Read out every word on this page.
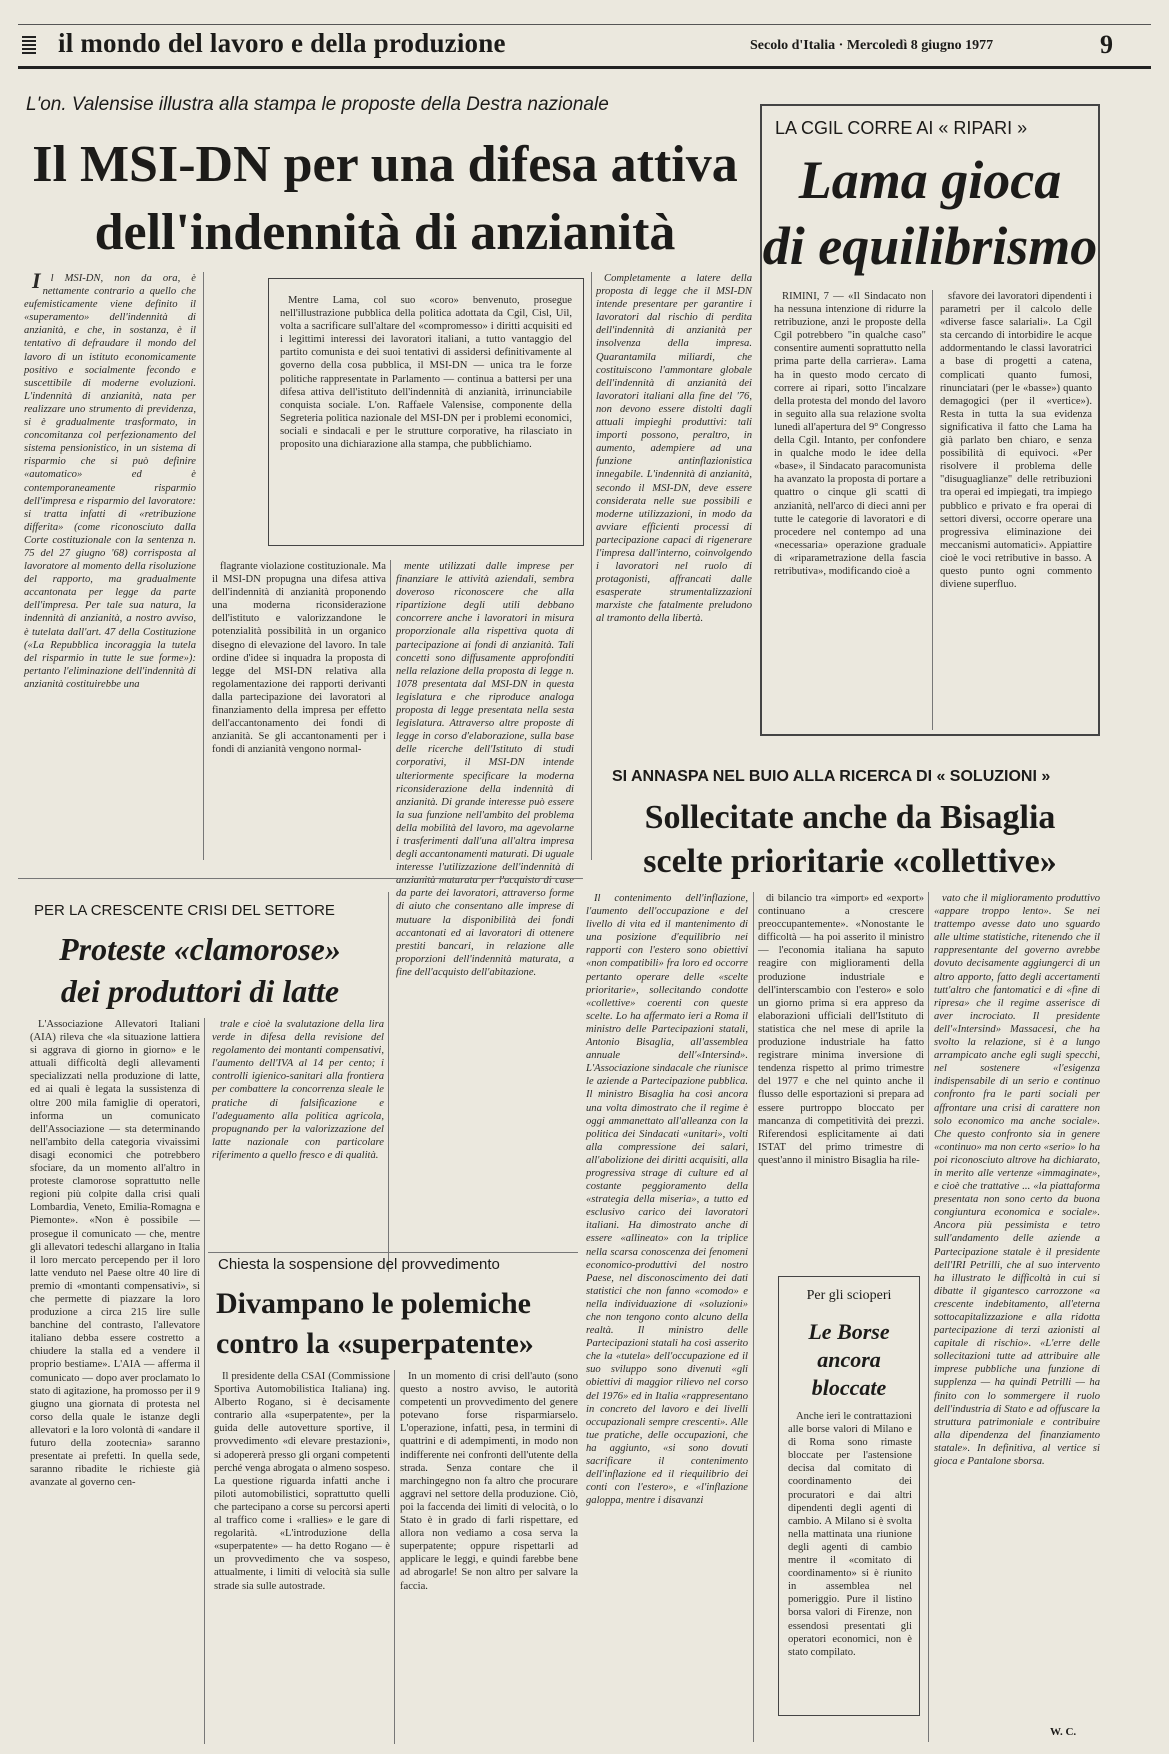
il mondo del lavoro e della produzione	Secolo d'Italia · Mercoledì 8 giugno 1977	9
L'on. Valensise illustra alla stampa le proposte della Destra nazionale
Il MSI-DN per una difesa attiva
dell'indennità di anzianità

Il MSI-DN, non da ora, è nettamente contrario a quello che eufemisticamente viene definito il «superamento» dell'indennità di anzianità, e che, in sostanza, è il tentativo di defraudare il mondo del lavoro di un istituto economicamente positivo e socialmente fecondo e suscettibile di moderne evoluzioni. L'indennità di anzianità, nata per realizzare uno strumento di previdenza, si è gradualmente trasformato, in concomitanza col perfezionamento del sistema pensionistico, in un sistema di risparmio che si può definire «automatico» ed è contemporaneamente risparmio dell'impresa e risparmio del lavoratore: si tratta infatti di «retribuzione differita» (come riconosciuto dalla Corte costituzionale con la sentenza n. 75 del 27 giugno '68) corrisposta al lavoratore al momento della risoluzione del rapporto, ma gradualmente accantonata per legge da parte dell'impresa. Per tale sua natura, la indennità di anzianità, a nostro avviso, è tutelata dall'art. 47 della Costituzione («La Repubblica incoraggia la tutela del risparmio in tutte le sue forme»): pertanto l'eliminazione dell'indennità di anzianità costituirebbe una

Mentre Lama, col suo «coro» benvenuto, prosegue nell'illustrazione pubblica della politica adottata da Cgil, Cisl, Uil, volta a sacrificare sull'altare del «compromesso» i diritti acquisiti ed i legittimi interessi dei lavoratori italiani, a tutto vantaggio del partito comunista e dei suoi tentativi di assidersi definitivamente al governo della cosa pubblica, il MSI-DN — unica tra le forze politiche rappresentate in Parlamento — continua a battersi per una difesa attiva dell'istituto dell'indennità di anzianità, irrinunciabile conquista sociale. L'on. Raffaele Valensise, componente della Segreteria politica nazionale del MSI-DN per i problemi economici, sociali e sindacali e per le strutture corporative, ha rilasciato in proposito una dichiarazione alla stampa, che pubblichiamo.

flagrante violazione costituzionale. Ma il MSI-DN propugna una difesa attiva dell'indennità di anzianità proponendo una moderna riconsiderazione dell'istituto e valorizzandone le potenzialità possibilità in un organico disegno di elevazione del lavoro. In tale ordine d'idee si inquadra la proposta di legge del MSI-DN relativa alla regolamentazione dei rapporti derivanti dalla partecipazione dei lavoratori al finanziamento della impresa per effetto dell'accantonamento dei fondi di anzianità. Se gli accantonamenti per i fondi di anzianità vengono normal-

mente utilizzati dalle imprese per finanziare le attività aziendali, sembra doveroso riconoscere che alla ripartizione degli utili debbano concorrere anche i lavoratori in misura proporzionale alla rispettiva quota di partecipazione ai fondi di anzianità. Tali concetti sono diffusamente approfonditi nella relazione della proposta di legge n. 1078 presentata dal MSI-DN in questa legislatura e che riproduce analoga proposta di legge presentata nella sesta legislatura. Attraverso altre proposte di legge in corso d'elaborazione, sulla base delle ricerche dell'Istituto di studi corporativi, il MSI-DN intende ulteriormente specificare la moderna riconsiderazione della indennità di anzianità. Di grande interesse può essere la sua funzione nell'ambito del problema della mobilità del lavoro, ma agevolarne i trasferimenti dall'una all'altra impresa degli accantonamenti maturati. Di uguale interesse l'utilizzazione dell'indennità di anzianità maturata per l'acquisto di case da parte dei lavoratori, attraverso forme di aiuto che consentano alle imprese di mutuare la disponibilità dei fondi accantonati ed ai lavoratori di ottenere prestiti bancari, in relazione alle proporzioni dell'indennità maturata, a fine dell'acquisto dell'abitazione.

Completamente a latere della proposta di legge che il MSI-DN intende presentare per garantire i lavoratori dal rischio di perdita dell'indennità di anzianità per insolvenza della impresa. Quarantamila miliardi, che costituiscono l'ammontare globale dell'indennità di anzianità dei lavoratori italiani alla fine del '76, non devono essere distolti dagli attuali impieghi produttivi: tali importi possono, peraltro, in aumento, adempiere ad una funzione antinflazionistica innegabile. L'indennità di anzianità, secondo il MSI-DN, deve essere considerata nelle sue possibili e moderne utilizzazioni, in modo da avviare efficienti processi di partecipazione capaci di rigenerare l'impresa dall'interno, coinvolgendo i lavoratori nel ruolo di protagonisti, affrancati dalle esasperate strumentalizzazioni marxiste che fatalmente preludono al tramonto della libertà.

LA CGIL CORRE AI « RIPARI »
Lama gioca
di equilibrismo

RIMINI, 7 — «Il Sindacato non ha nessuna intenzione di ridurre la retribuzione, anzi le proposte della Cgil potrebbero "in qualche caso" consentire aumenti soprattutto nella prima parte della carriera». Lama ha in questo modo cercato di correre ai ripari, sotto l'incalzare della protesta del mondo del lavoro in seguito alla sua relazione svolta lunedì all'apertura del 9° Congresso della Cgil. Intanto, per confondere in qualche modo le idee della «base», il Sindacato paracomunista ha avanzato la proposta di portare a quattro o cinque gli scatti di anzianità, nell'arco di dieci anni per tutte le categorie di lavoratori e di procedere nel contempo ad una «necessaria» operazione graduale di «riparametrazione della fascia retributiva», modificando cioè a

sfavore dei lavoratori dipendenti i parametri per il calcolo delle «diverse fasce salariali». La Cgil sta cercando di intorbidire le acque addormentando le classi lavoratrici a base di progetti a catena, complicati quanto fumosi, rinunciatari (per le «basse») quanto demagogici (per il «vertice»). Resta in tutta la sua evidenza significativa il fatto che Lama ha già parlato ben chiaro, e senza possibilità di equivoci. «Per risolvere il problema delle "disuguaglianze" delle retribuzioni tra operai ed impiegati, tra impiego pubblico e privato e fra operai di settori diversi, occorre operare una progressiva eliminazione dei meccanismi automatici». Appiattire cioè le voci retributive in basso. A questo punto ogni commento diviene superfluo.

SI ANNASPA NEL BUIO ALLA RICERCA DI « SOLUZIONI »
Sollecitate anche da Bisaglia
scelte prioritarie «collettive»

Il contenimento dell'inflazione, l'aumento dell'occupazione e del livello di vita ed il mantenimento di una posizione d'equilibrio nei rapporti con l'estero sono obiettivi «non compatibili» fra loro ed occorre pertanto operare delle «scelte prioritarie», sollecitando condotte «collettive» coerenti con queste scelte. Lo ha affermato ieri a Roma il ministro delle Partecipazioni statali, Antonio Bisaglia, all'assemblea annuale dell'«Intersind». L'Associazione sindacale che riunisce le aziende a Partecipazione pubblica. Il ministro Bisaglia ha così ancora una volta dimostrato che il regime è oggi ammanettato all'alleanza con la politica dei Sindacati «unitari», volti alla compressione dei salari, all'abolizione dei diritti acquisiti, alla progressiva strage di culture ed al costante peggioramento della «strategia della miseria», a tutto ed esclusivo carico dei lavoratori italiani. Ha dimostrato anche di essere «allineato» con la triplice nella scarsa conoscenza dei fenomeni economico-produttivi del nostro Paese, nel disconoscimento dei dati statistici che non fanno «comodo» e nella individuazione di «soluzioni» che non tengono conto alcuno della realtà. Il ministro delle Partecipazioni statali ha così asserito che la «tutela» dell'occupazione ed il suo sviluppo sono divenuti «gli obiettivi di maggior rilievo nel corso del 1976» ed in Italia «rappresentano in concreto del lavoro e dei livelli occupazionali sempre crescenti». Alle tue pratiche, delle occupazioni, che ha aggiunto, «si sono dovuti sacrificare il contenimento dell'inflazione ed il riequilibrio dei conti con l'estero», e «l'inflazione galoppa, mentre i disavanzi

di bilancio tra «import» ed «export» continuano a crescere preoccupantemente». «Nonostante le difficoltà — ha poi asserito il ministro — l'economia italiana ha saputo reagire con miglioramenti della produzione industriale e dell'interscambio con l'estero» e solo un giorno prima si era appreso da elaborazioni ufficiali dell'Istituto di statistica che nel mese di aprile la produzione industriale ha fatto registrare minima inversione di tendenza rispetto al primo trimestre del 1977 e che nel quinto anche il flusso delle esportazioni si prepara ad essere purtroppo bloccato per mancanza di competitività dei prezzi. Riferendosi esplicitamente ai dati ISTAT del primo trimestre di quest'anno il ministro Bisaglia ha rile-

vato che il miglioramento produttivo «appare troppo lento». Se nei trattempo avesse dato uno sguardo alle ultime statistiche, ritenendo che il rappresentante del governo avrebbe dovuto decisamente aggiungerci di un altro apporto, fatto degli accertamenti tutt'altro che fantomatici e di «fine di ripresa» che il regime asserisce di aver incrociato. Il presidente dell'«Intersind» Massacesi, che ha svolto la relazione, si è a lungo arrampicato anche egli sugli specchi, nel sostenere «l'esigenza indispensabile di un serio e continuo confronto fra le parti sociali per affrontare una crisi di carattere non solo economico ma anche sociale». Che questo confronto sia in genere «continuo» ma non certo «serio» lo ha poi riconosciuto altrove ha dichiarato, in merito alle vertenze «immaginate», e cioè che trattative ... «la piattaforma presentata non sono certo da buona congiuntura economica e sociale». Ancora più pessimista e tetro sull'andamento delle aziende a Partecipazione statale è il presidente dell'IRI Petrilli, che al suo intervento ha illustrato le difficoltà in cui si dibatte il gigantesco carrozzone «a crescente indebitamento, all'eterna sottocapitalizzazione e alla ridotta partecipazione di terzi azionisti al capitale di rischio». «L'erre delle sollecitazioni tutte ad attribuire alle imprese pubbliche una funzione di supplenza — ha quindi Petrilli — ha finito con lo sommergere il ruolo dell'industria di Stato e ad offuscare la struttura patrimoniale e contribuire alla dipendenza del finanziamento statale». In definitiva, al vertice si gioca e Pantalone sborsa.

W. C.
PER LA CRESCENTE CRISI DEL SETTORE
Proteste «clamorose»
dei produttori di latte

L'Associazione Allevatori Italiani (AIA) rileva che «la situazione lattiera si aggrava di giorno in giorno» e le attuali difficoltà degli allevamenti specializzati nella produzione di latte, ed ai quali è legata la sussistenza di oltre 200 mila famiglie di operatori, informa un comunicato dell'Associazione — sta determinando nell'ambito della categoria vivaissimi disagi economici che potrebbero sfociare, da un momento all'altro in proteste clamorose soprattutto nelle regioni più colpite dalla crisi quali Lombardia, Veneto, Emilia-Romagna e Piemonte». «Non è possibile — prosegue il comunicato — che, mentre gli allevatori tedeschi allargano in Italia il loro mercato percependo per il loro latte venduto nel Paese oltre 40 lire di premio di «montanti compensativi», si che permette di piazzare la loro produzione a circa 215 lire sulle banchine del contrasto, l'allevatore italiano debba essere costretto a chiudere la stalla ed a vendere il proprio bestiame». L'AIA — afferma il comunicato — dopo aver proclamato lo stato di agitazione, ha promosso per il 9 giugno una giornata di protesta nel corso della quale le istanze degli allevatori e la loro volontà di «andare il futuro della zootecnia» saranno presentate ai prefetti. In quella sede, saranno ribadite le richieste già avanzate al governo cen-

trale e cioè la svalutazione della lira verde in difesa della revisione del regolamento dei montanti compensativi, l'aumento dell'IVA al 14 per cento; i controlli igienico-sanitari alla frontiera per combattere la concorrenza sleale le pratiche di falsificazione e l'adeguamento alla politica agricola, propugnando per la valorizzazione del latte nazionale con particolare riferimento a quello fresco e di qualità.

Chiesta la sospensione del provvedimento
Divampano le polemiche
contro la «superpatente»

Il presidente della CSAI (Commissione Sportiva Automobilistica Italiana) ing. Alberto Rogano, si è decisamente contrario alla «superpatente», per la guida delle autovetture sportive, il provvedimento «di elevare prestazioni», si adopererà presso gli organi competenti perché venga abrogata o almeno sospeso. La questione riguarda infatti anche i piloti automobilistici, soprattutto quelli che partecipano a corse su percorsi aperti al traffico come i «rallies» e le gare di regolarità. «L'introduzione della «superpatente» — ha detto Rogano — è un provvedimento che va sospeso, attualmente, i limiti di velocità sia sulle strade sia sulle autostrade.

In un momento di crisi dell'auto (sono questo a nostro avviso, le autorità competenti un provvedimento del genere potevano forse risparmiarselo. L'operazione, infatti, pesa, in termini di quattrini e di adempimenti, in modo non indifferente nei confronti dell'utente della strada. Senza contare che il marchingegno non fa altro che procurare aggravi nel settore della produzione. Ciò, poi la faccenda dei limiti di velocità, o lo Stato è in grado di farli rispettare, ed allora non vediamo a cosa serva la superpatente; oppure rispettarli ad applicare le leggi, e quindi farebbe bene ad abrogarle! Se non altro per salvare la faccia.

Per gli scioperi
Le Borse
ancora
bloccate

Anche ieri le contrattazioni alle borse valori di Milano e di Roma sono rimaste bloccate per l'astensione decisa dal comitato di coordinamento dei procuratori e dai altri dipendenti degli agenti di cambio. A Milano si è svolta nella mattinata una riunione degli agenti di cambio mentre il «comitato di coordinamento» si è riunito in assemblea nel pomeriggio. Pure il listino borsa valori di Firenze, non essendosi presentati gli operatori economici, non è stato compilato.
